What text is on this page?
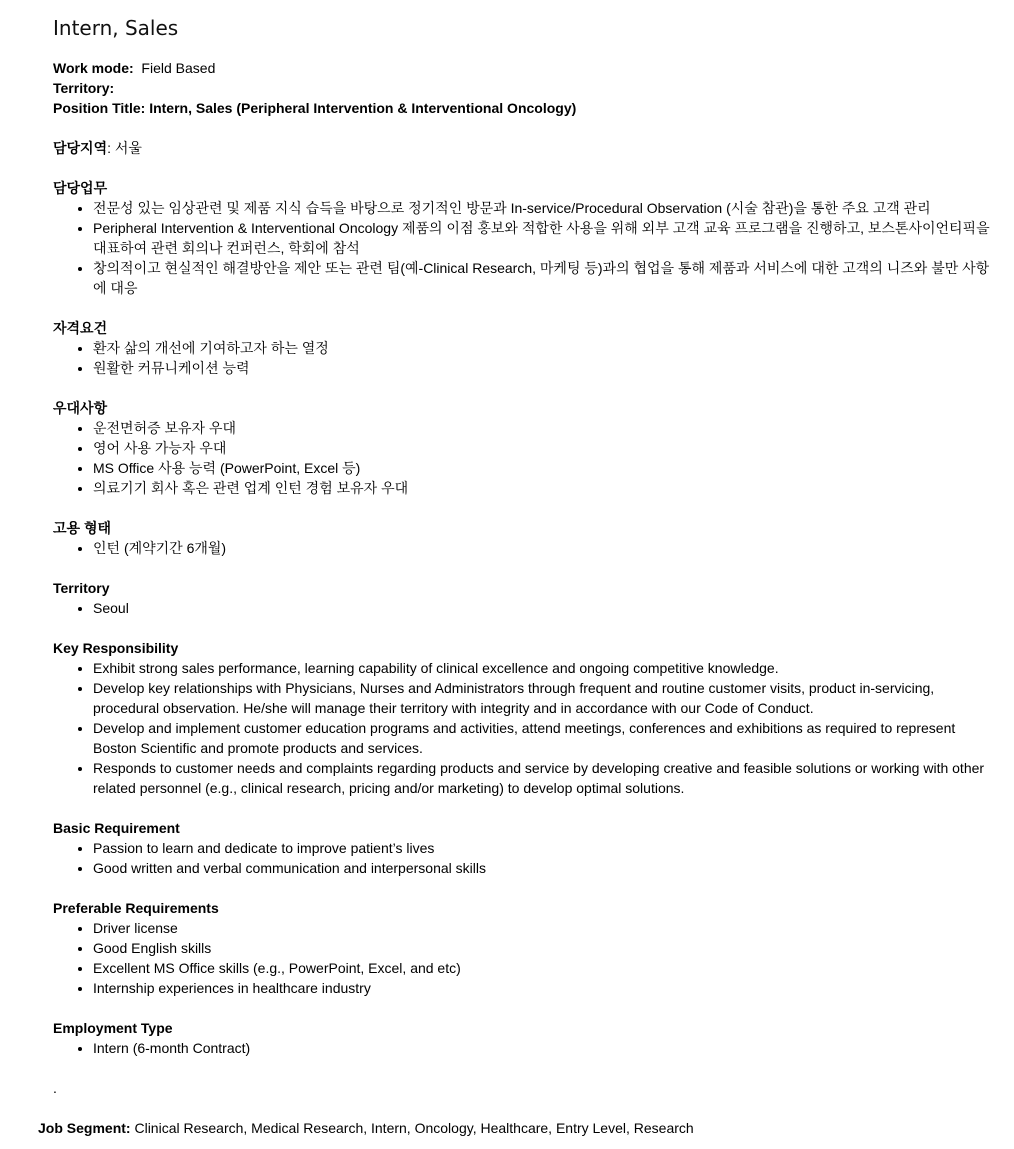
Intern, Sales
Work mode: Field Based
Territory:
Position Title: Intern, Sales (Peripheral Intervention & Interventional Oncology)
담당지역: 서울
담당업무
• 전문성 있는 임상관련 및 제품 지식 습득을 바탕으로 정기적인 방문과 In-service/Procedural Observation (시술 참관)을 통한 주요 고객 관리
• Peripheral Intervention & Interventional Oncology 제품의 이점 홍보와 적합한 사용을 위해 외부 고객 교육 프로그램을 진행하고, 보스톤사이언티픽을 대표하여 관련 회의나 컨퍼런스, 학회에 참석
• 창의적이고 현실적인 해결방안을 제안 또는 관련 팀(예-Clinical Research, 마케팅 등)과의 협업을 통해 제품과 서비스에 대한 고객의 니즈와 불만 사항에 대응
자격요건
• 환자 삶의 개선에 기여하고자 하는 열정
• 원활한 커뮤니케이션 능력
우대사항
• 운전면허증 보유자 우대
• 영어 사용 가능자 우대
• MS Office 사용 능력 (PowerPoint, Excel 등)
• 의료기기 회사 혹은 관련 업계 인턴 경험 보유자 우대
고용 형태
• 인턴 (계약기간 6개월)
Territory
• Seoul
Key Responsibility
• Exhibit strong sales performance, learning capability of clinical excellence and ongoing competitive knowledge.
• Develop key relationships with Physicians, Nurses and Administrators through frequent and routine customer visits, product in-servicing, procedural observation. He/she will manage their territory with integrity and in accordance with our Code of Conduct.
• Develop and implement customer education programs and activities, attend meetings, conferences and exhibitions as required to represent Boston Scientific and promote products and services.
• Responds to customer needs and complaints regarding products and service by developing creative and feasible solutions or working with other related personnel (e.g., clinical research, pricing and/or marketing) to develop optimal solutions.
Basic Requirement
• Passion to learn and dedicate to improve patient’s lives
• Good written and verbal communication and interpersonal skills
Preferable Requirements
• Driver license
• Good English skills
• Excellent MS Office skills (e.g., PowerPoint, Excel, and etc)
• Internship experiences in healthcare industry
Employment Type
• Intern (6-month Contract)
.
Job Segment: Clinical Research, Medical Research, Intern, Oncology, Healthcare, Entry Level, Research
